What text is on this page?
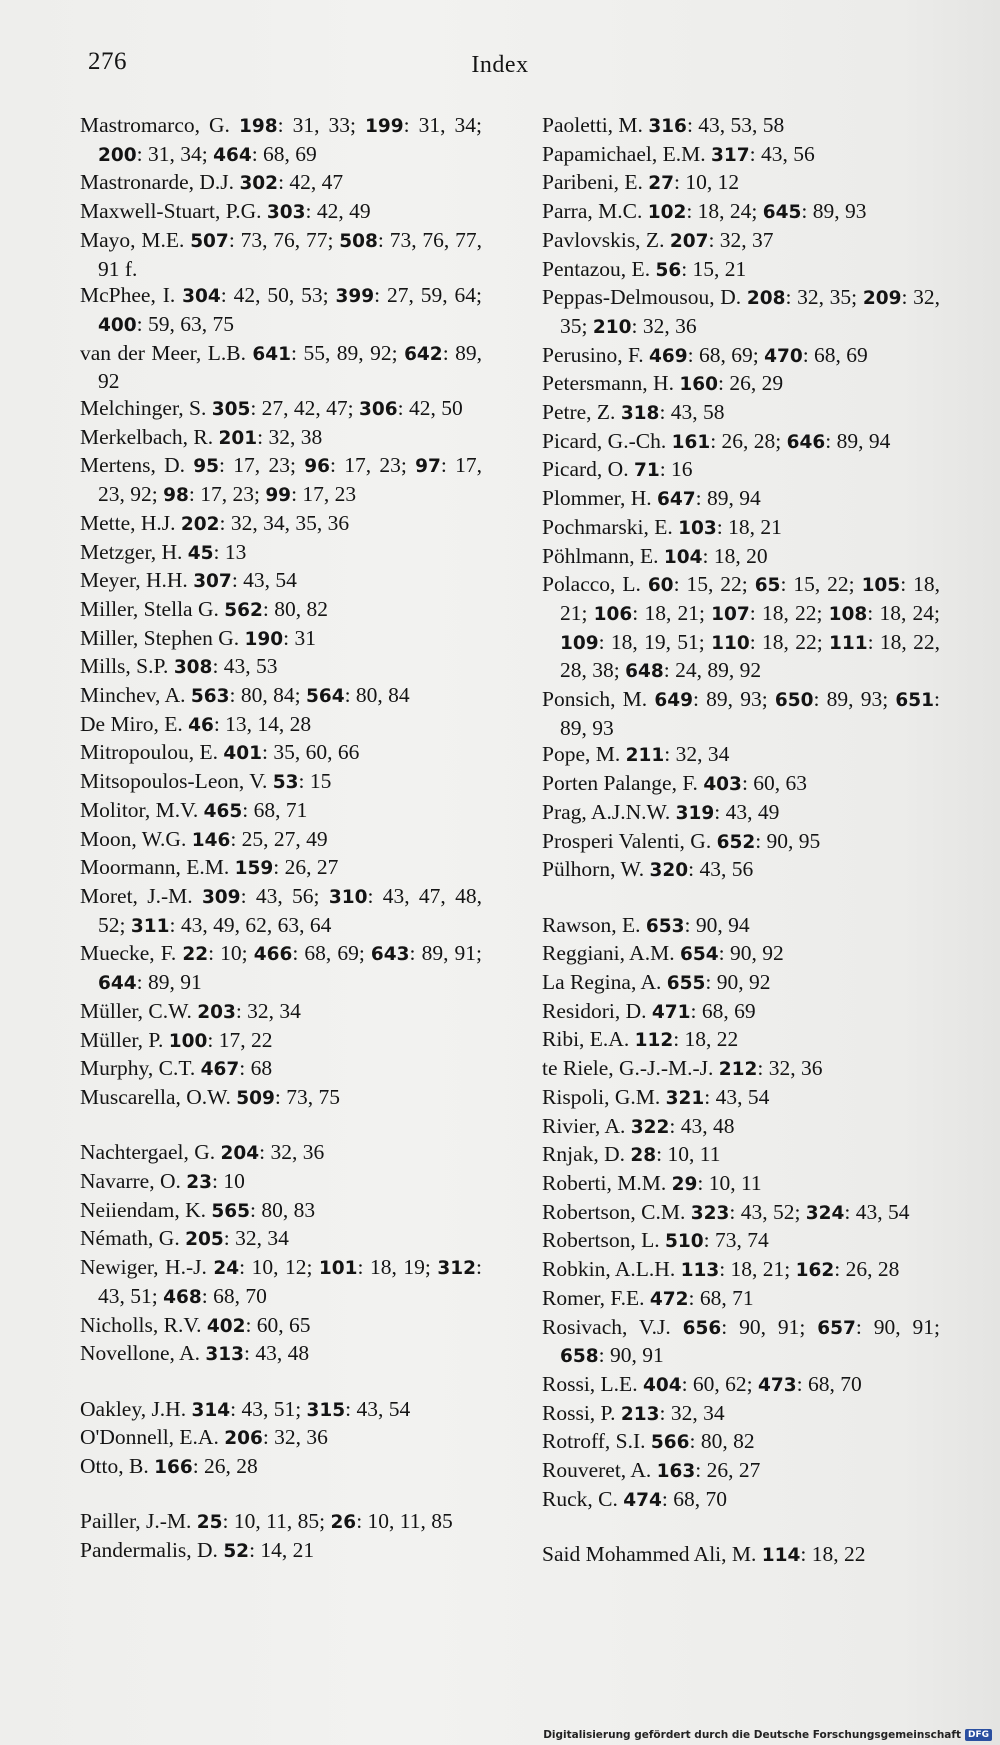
276	Index
Mastromarco, G. 198: 31, 33; 199: 31, 34; 200: 31, 34; 464: 68, 69
Mastronarde, D.J. 302: 42, 47
Maxwell-Stuart, P.G. 303: 42, 49
Mayo, M.E. 507: 73, 76, 77; 508: 73, 76, 77, 91 f.
McPhee, I. 304: 42, 50, 53; 399: 27, 59, 64; 400: 59, 63, 75
van der Meer, L.B. 641: 55, 89, 92; 642: 89, 92
Melchinger, S. 305: 27, 42, 47; 306: 42, 50
Merkelbach, R. 201: 32, 38
Mertens, D. 95: 17, 23; 96: 17, 23; 97: 17, 23, 92; 98: 17, 23; 99: 17, 23
Mette, H.J. 202: 32, 34, 35, 36
Metzger, H. 45: 13
Meyer, H.H. 307: 43, 54
Miller, Stella G. 562: 80, 82
Miller, Stephen G. 190: 31
Mills, S.P. 308: 43, 53
Minchev, A. 563: 80, 84; 564: 80, 84
De Miro, E. 46: 13, 14, 28
Mitropoulou, E. 401: 35, 60, 66
Mitsopoulos-Leon, V. 53: 15
Molitor, M.V. 465: 68, 71
Moon, W.G. 146: 25, 27, 49
Moormann, E.M. 159: 26, 27
Moret, J.-M. 309: 43, 56; 310: 43, 47, 48, 52; 311: 43, 49, 62, 63, 64
Muecke, F. 22: 10; 466: 68, 69; 643: 89, 91; 644: 89, 91
Müller, C.W. 203: 32, 34
Müller, P. 100: 17, 22
Murphy, C.T. 467: 68
Muscarella, O.W. 509: 73, 75
Nachtergael, G. 204: 32, 36
Navarre, O. 23: 10
Neiiendam, K. 565: 80, 83
Némath, G. 205: 32, 34
Newiger, H.-J. 24: 10, 12; 101: 18, 19; 312: 43, 51; 468: 68, 70
Nicholls, R.V. 402: 60, 65
Novellone, A. 313: 43, 48
Oakley, J.H. 314: 43, 51; 315: 43, 54
O'Donnell, E.A. 206: 32, 36
Otto, B. 166: 26, 28
Pailler, J.-M. 25: 10, 11, 85; 26: 10, 11, 85
Pandermalis, D. 52: 14, 21
Paoletti, M. 316: 43, 53, 58
Papamichael, E.M. 317: 43, 56
Paribeni, E. 27: 10, 12
Parra, M.C. 102: 18, 24; 645: 89, 93
Pavlovskis, Z. 207: 32, 37
Pentazou, E. 56: 15, 21
Peppas-Delmousou, D. 208: 32, 35; 209: 32, 35; 210: 32, 36
Perusino, F. 469: 68, 69; 470: 68, 69
Petersmann, H. 160: 26, 29
Petre, Z. 318: 43, 58
Picard, G.-Ch. 161: 26, 28; 646: 89, 94
Picard, O. 71: 16
Plommer, H. 647: 89, 94
Pochmarski, E. 103: 18, 21
Pöhlmann, E. 104: 18, 20
Polacco, L. 60: 15, 22; 65: 15, 22; 105: 18, 21; 106: 18, 21; 107: 18, 22; 108: 18, 24; 109: 18, 19, 51; 110: 18, 22; 111: 18, 22, 28, 38; 648: 24, 89, 92
Ponsich, M. 649: 89, 93; 650: 89, 93; 651: 89, 93
Pope, M. 211: 32, 34
Porten Palange, F. 403: 60, 63
Prag, A.J.N.W. 319: 43, 49
Prosperi Valenti, G. 652: 90, 95
Pülhorn, W. 320: 43, 56
Rawson, E. 653: 90, 94
Reggiani, A.M. 654: 90, 92
La Regina, A. 655: 90, 92
Residori, D. 471: 68, 69
Ribi, E.A. 112: 18, 22
te Riele, G.-J.-M.-J. 212: 32, 36
Rispoli, G.M. 321: 43, 54
Rivier, A. 322: 43, 48
Rnjak, D. 28: 10, 11
Roberti, M.M. 29: 10, 11
Robertson, C.M. 323: 43, 52; 324: 43, 54
Robertson, L. 510: 73, 74
Robkin, A.L.H. 113: 18, 21; 162: 26, 28
Romer, F.E. 472: 68, 71
Rosivach, V.J. 656: 90, 91; 657: 90, 91; 658: 90, 91
Rossi, L.E. 404: 60, 62; 473: 68, 70
Rossi, P. 213: 32, 34
Rotroff, S.I. 566: 80, 82
Rouveret, A. 163: 26, 27
Ruck, C. 474: 68, 70
Said Mohammed Ali, M. 114: 18, 22
Digitalisierung gefördert durch die Deutsche Forschungsgemeinschaft DFG
